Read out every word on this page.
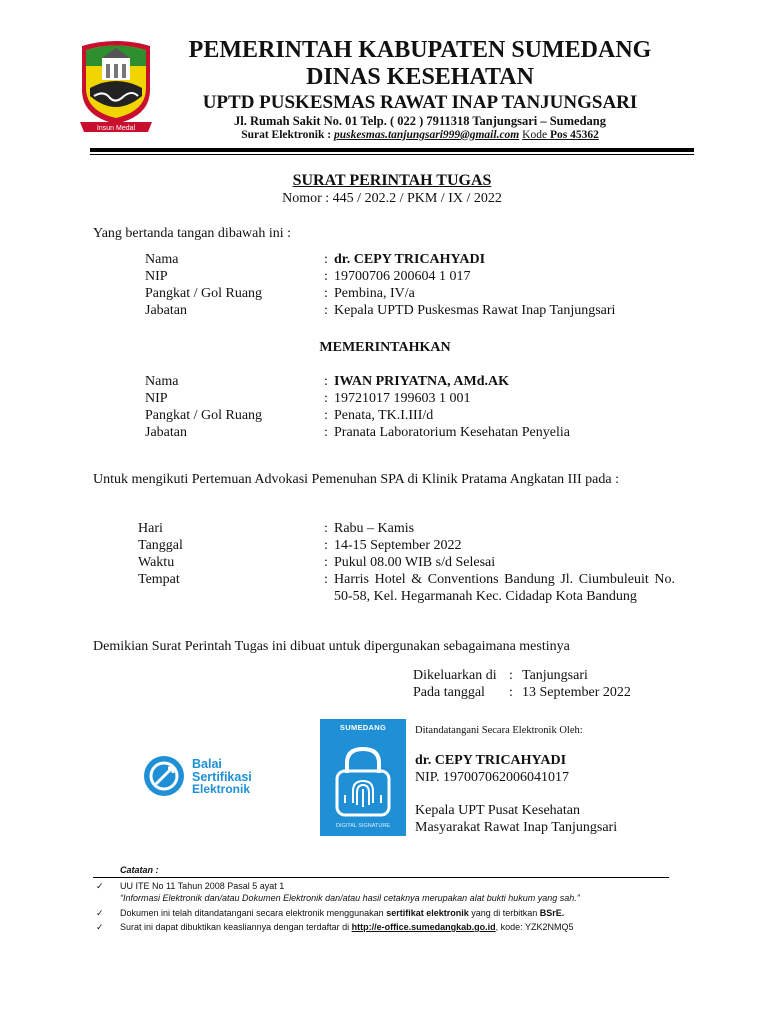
Insun Medal
PEMERINTAH KABUPATEN SUMEDANG
DINAS KESEHATAN
UPTD PUSKESMAS RAWAT INAP TANJUNGSARI
Jl. Rumah Sakit No. 01 Telp. ( 022 ) 7911318 Tanjungsari – Sumedang
Surat Elektronik : puskesmas.tanjungsari999@gmail.com Kode Pos 45362
SURAT PERINTAH TUGAS
Nomor : 445 / 202.2 / PKM / IX / 2022
Yang bertanda tangan dibawah ini :
Nama	: dr. CEPY TRICAHYADI
NIP	: 19700706 200604 1 017
Pangkat / Gol Ruang	: Pembina, IV/a
Jabatan	: Kepala UPTD Puskesmas Rawat Inap Tanjungsari
MEMERINTAHKAN
Nama	: IWAN PRIYATNA, AMd.AK
NIP	: 19721017 199603 1 001
Pangkat / Gol Ruang	: Penata, TK.I.III/d
Jabatan	: Pranata Laboratorium Kesehatan Penyelia
Untuk mengikuti Pertemuan Advokasi Pemenuhan SPA di Klinik Pratama Angkatan III pada :
Hari	: Rabu – Kamis
Tanggal	: 14-15 September 2022
Waktu	: Pukul 08.00 WIB s/d Selesai
Tempat	: Harris Hotel & Conventions Bandung Jl. Ciumbuleuit No. 50-58, Kel. Hegarmanah Kec. Cidadap Kota Bandung
Demikian Surat Perintah Tugas ini dibuat untuk dipergunakan sebagaimana mestinya
Dikeluarkan di : Tanjungsari
Pada tanggal : 13 September 2022
Balai
Sertifikasi
Elektronik
SUMEDANG
DIGITAL SIGNATURE
Ditandatangani Secara Elektronik Oleh:
dr. CEPY TRICAHYADI
NIP. 197007062006041017
Kepala UPT Pusat Kesehatan
Masyarakat Rawat Inap Tanjungsari
Catatan :
✓ UU ITE No 11 Tahun 2008 Pasal 5 ayat 1
“Informasi Elektronik dan/atau Dokumen Elektronik dan/atau hasil cetaknya merupakan alat bukti hukum yang sah.”
✓ Dokumen ini telah ditandatangani secara elektronik menggunakan sertifikat elektronik yang di terbitkan BSrE.
✓ Surat ini dapat dibuktikan keasliannya dengan terdaftar di http://e-office.sumedangkab.go.id, kode: YZK2NMQ5
